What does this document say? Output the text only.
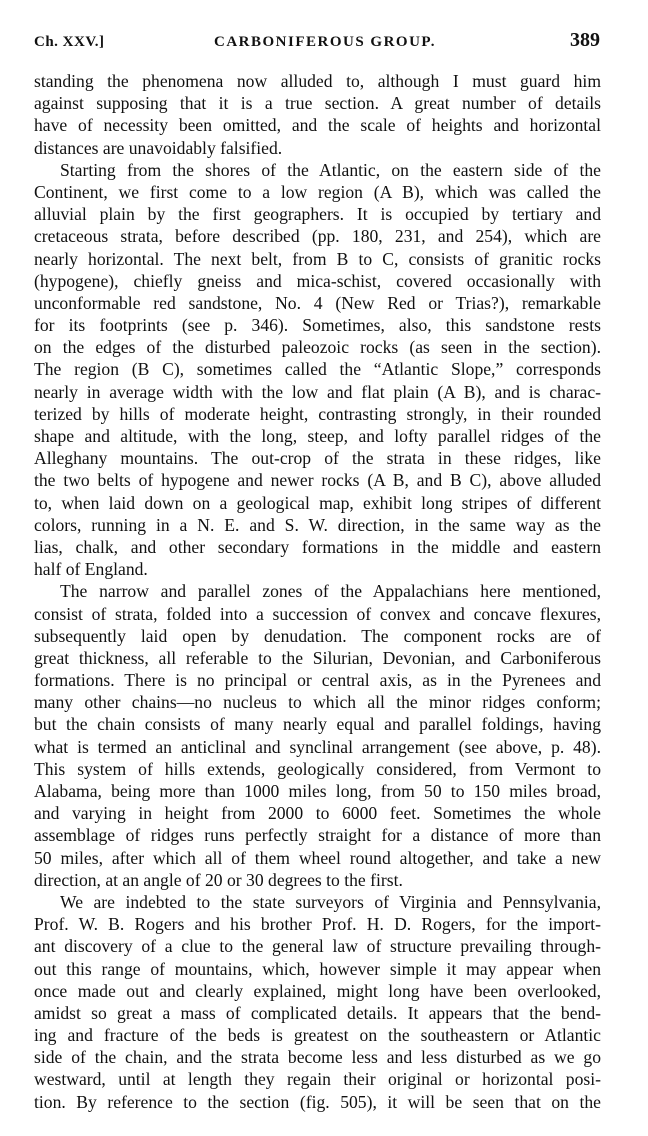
Ch. XXV.]	CARBONIFEROUS GROUP.	389
standing the phenomena now alluded to, although I must guard him
against supposing that it is a true section. A great number of details
have of necessity been omitted, and the scale of heights and horizontal
distances are unavoidably falsified.
Starting from the shores of the Atlantic, on the eastern side of the
Continent, we first come to a low region (A B), which was called the
alluvial plain by the first geographers. It is occupied by tertiary and
cretaceous strata, before described (pp. 180, 231, and 254), which are
nearly horizontal. The next belt, from B to C, consists of granitic rocks
(hypogene), chiefly gneiss and mica-schist, covered occasionally with
unconformable red sandstone, No. 4 (New Red or Trias?), remarkable
for its footprints (see p. 346). Sometimes, also, this sandstone rests
on the edges of the disturbed paleozoic rocks (as seen in the section).
The region (B C), sometimes called the “Atlantic Slope,” corresponds
nearly in average width with the low and flat plain (A B), and is charac-
terized by hills of moderate height, contrasting strongly, in their rounded
shape and altitude, with the long, steep, and lofty parallel ridges of the
Alleghany mountains. The out-crop of the strata in these ridges, like
the two belts of hypogene and newer rocks (A B, and B C), above alluded
to, when laid down on a geological map, exhibit long stripes of different
colors, running in a N. E. and S. W. direction, in the same way as the
lias, chalk, and other secondary formations in the middle and eastern
half of England.
The narrow and parallel zones of the Appalachians here mentioned,
consist of strata, folded into a succession of convex and concave flexures,
subsequently laid open by denudation. The component rocks are of
great thickness, all referable to the Silurian, Devonian, and Carboniferous
formations. There is no principal or central axis, as in the Pyrenees and
many other chains—no nucleus to which all the minor ridges conform;
but the chain consists of many nearly equal and parallel foldings, having
what is termed an anticlinal and synclinal arrangement (see above, p. 48).
This system of hills extends, geologically considered, from Vermont to
Alabama, being more than 1000 miles long, from 50 to 150 miles broad,
and varying in height from 2000 to 6000 feet. Sometimes the whole
assemblage of ridges runs perfectly straight for a distance of more than
50 miles, after which all of them wheel round altogether, and take a new
direction, at an angle of 20 or 30 degrees to the first.
We are indebted to the state surveyors of Virginia and Pennsylvania,
Prof. W. B. Rogers and his brother Prof. H. D. Rogers, for the import-
ant discovery of a clue to the general law of structure prevailing through-
out this range of mountains, which, however simple it may appear when
once made out and clearly explained, might long have been overlooked,
amidst so great a mass of complicated details. It appears that the bend-
ing and fracture of the beds is greatest on the southeastern or Atlantic
side of the chain, and the strata become less and less disturbed as we go
westward, until at length they regain their original or horizontal posi-
tion. By reference to the section (fig. 505), it will be seen that on the
